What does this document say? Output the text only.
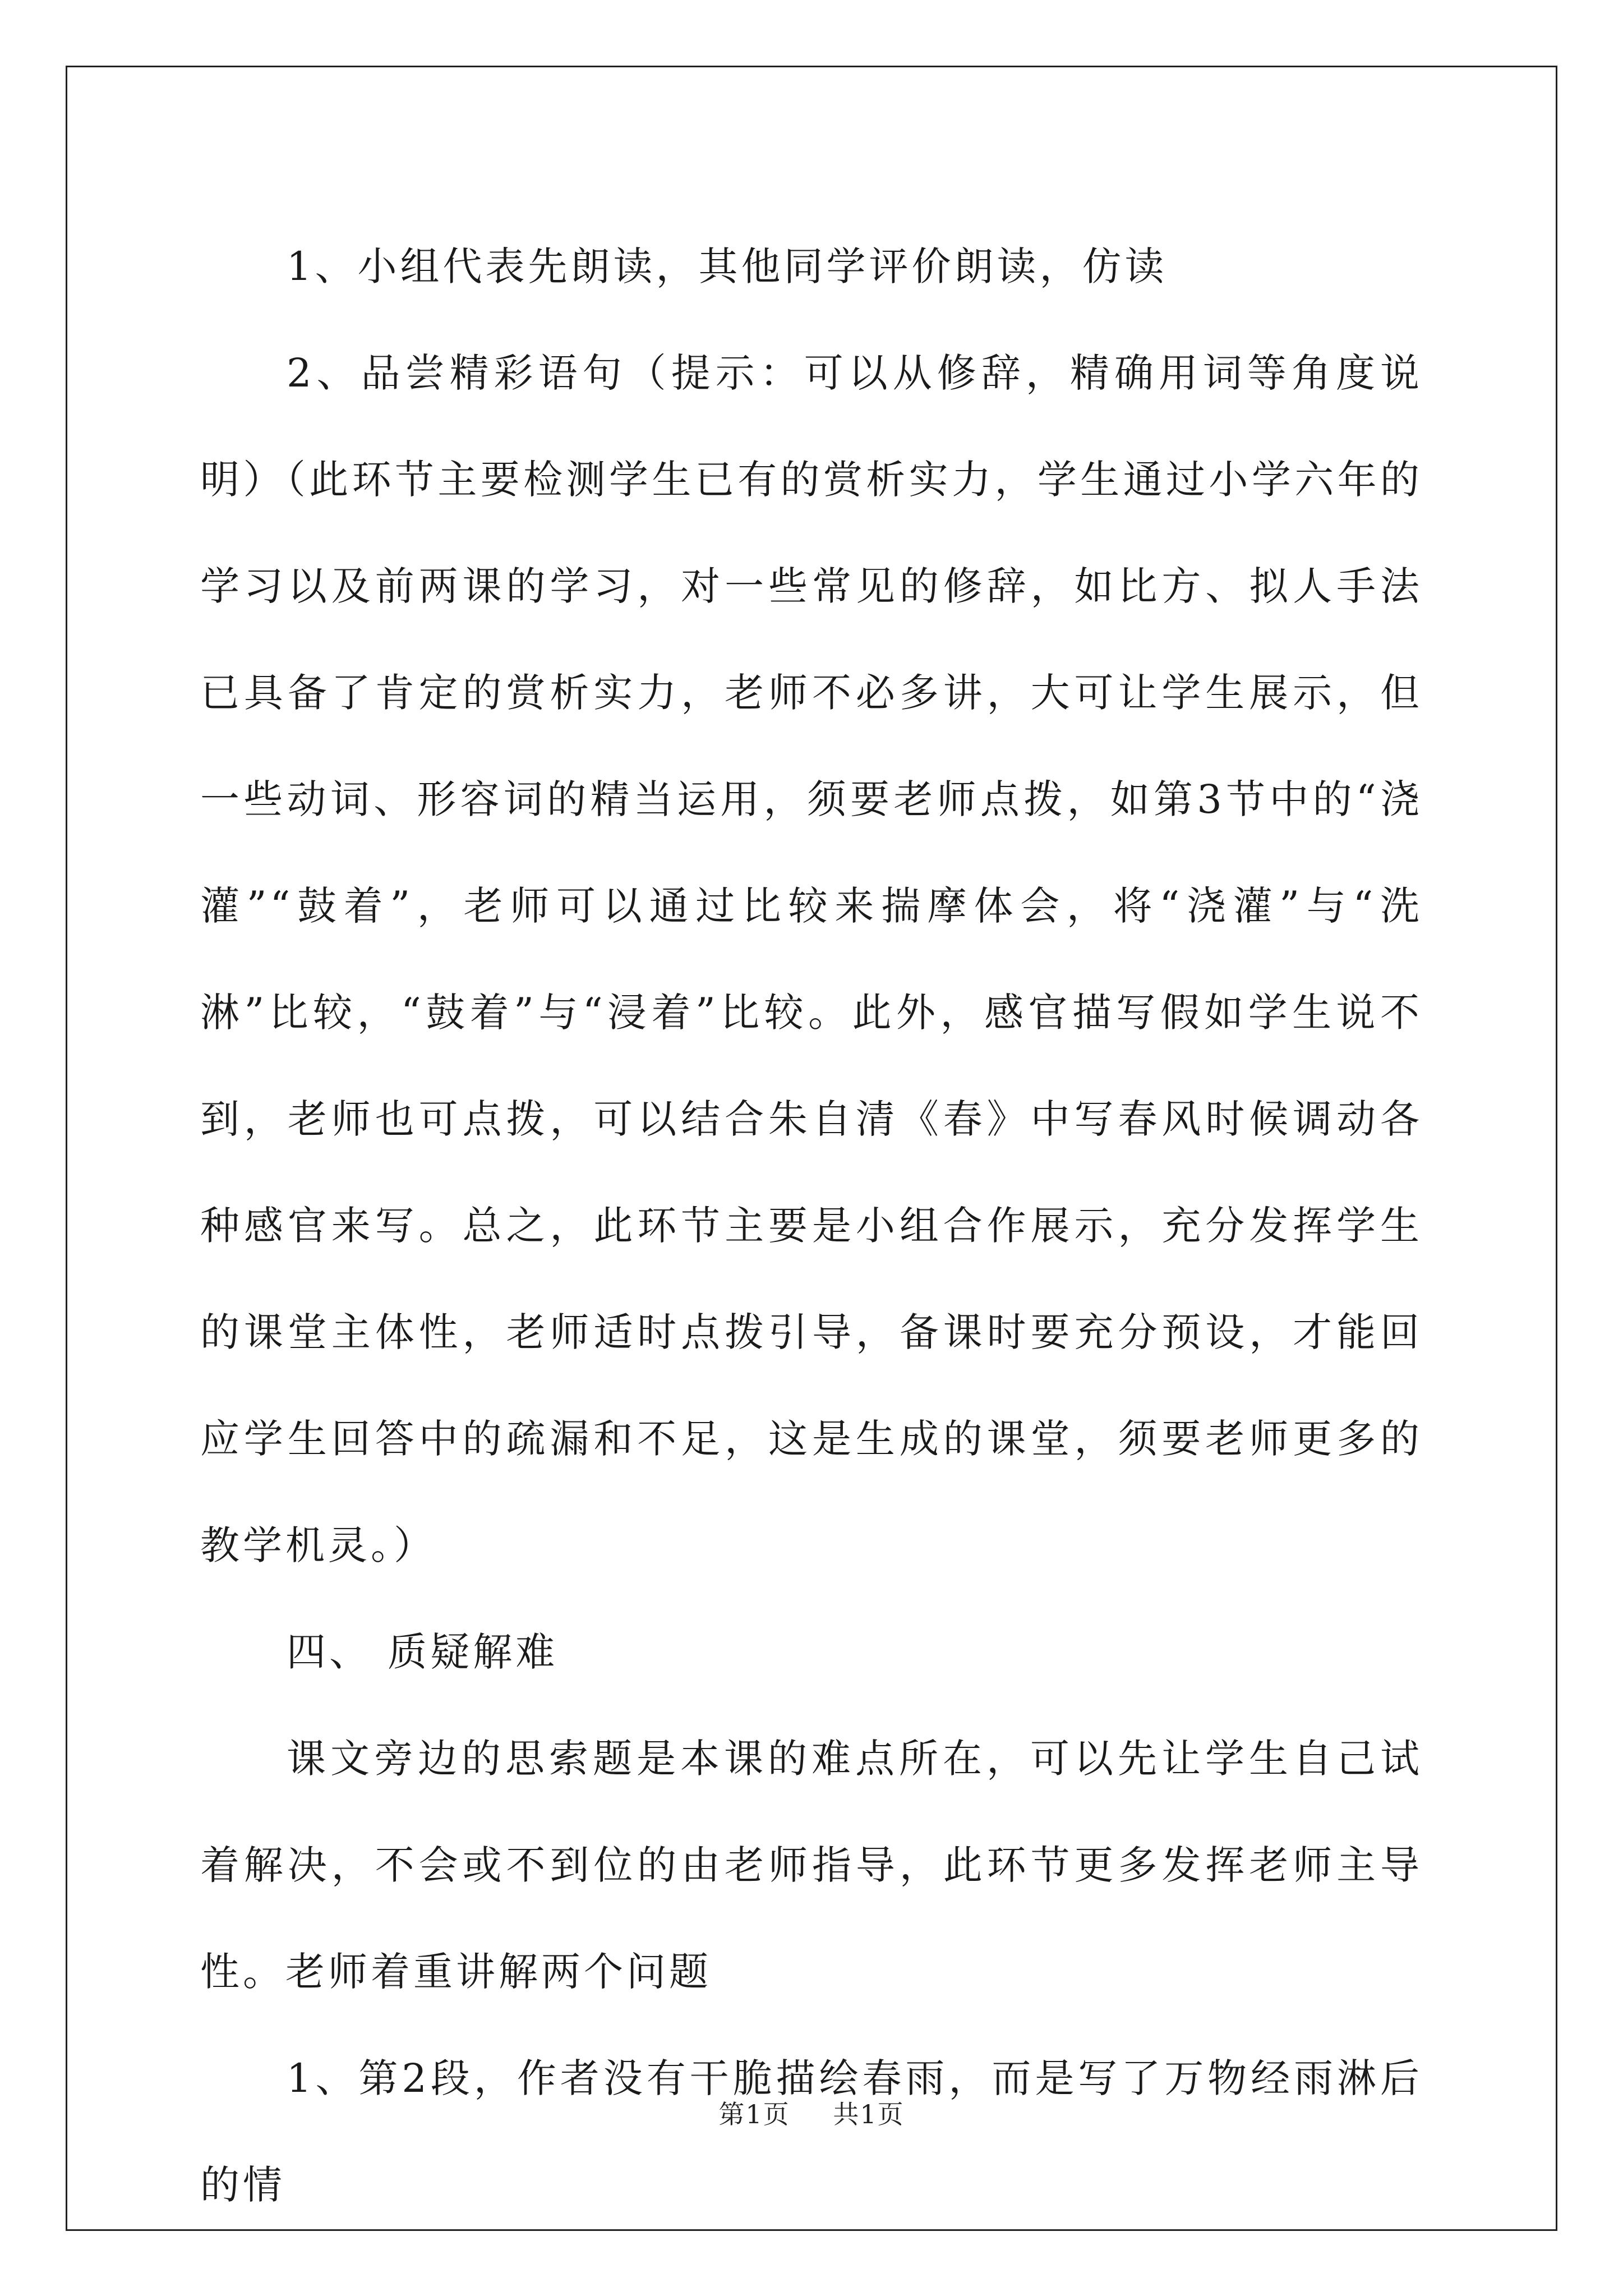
1、小组代表先朗读，其他同学评价朗读，仿读

2、品尝精彩语句（提示：可以从修辞，精确用词等角度说明）（此环节主要检测学生已有的赏析实力，学生通过小学六年的学习以及前两课的学习，对一些常见的修辞，如比方、拟人手法已具备了肯定的赏析实力，老师不必多讲，大可让学生展示，但一些动词、形容词的精当运用，须要老师点拨，如第3节中的“浇灌”“鼓着”，老师可以通过比较来揣摩体会，将“浇灌”与“洗淋”比较，“鼓着”与“浸着”比较。此外，感官描写假如学生说不到，老师也可点拨，可以结合朱自清《春》中写春风时候调动各种感官来写。总之，此环节主要是小组合作展示，充分发挥学生的课堂主体性，老师适时点拨引导，备课时要充分预设，才能回应学生回答中的疏漏和不足，这是生成的课堂，须要老师更多的教学机灵。）

四、 质疑解难

课文旁边的思索题是本课的难点所在，可以先让学生自己试着解决，不会或不到位的由老师指导，此环节更多发挥老师主导性。老师着重讲解两个问题

1、第2段，作者没有干脆描绘春雨，而是写了万物经雨淋后的情

第1页 共1页
